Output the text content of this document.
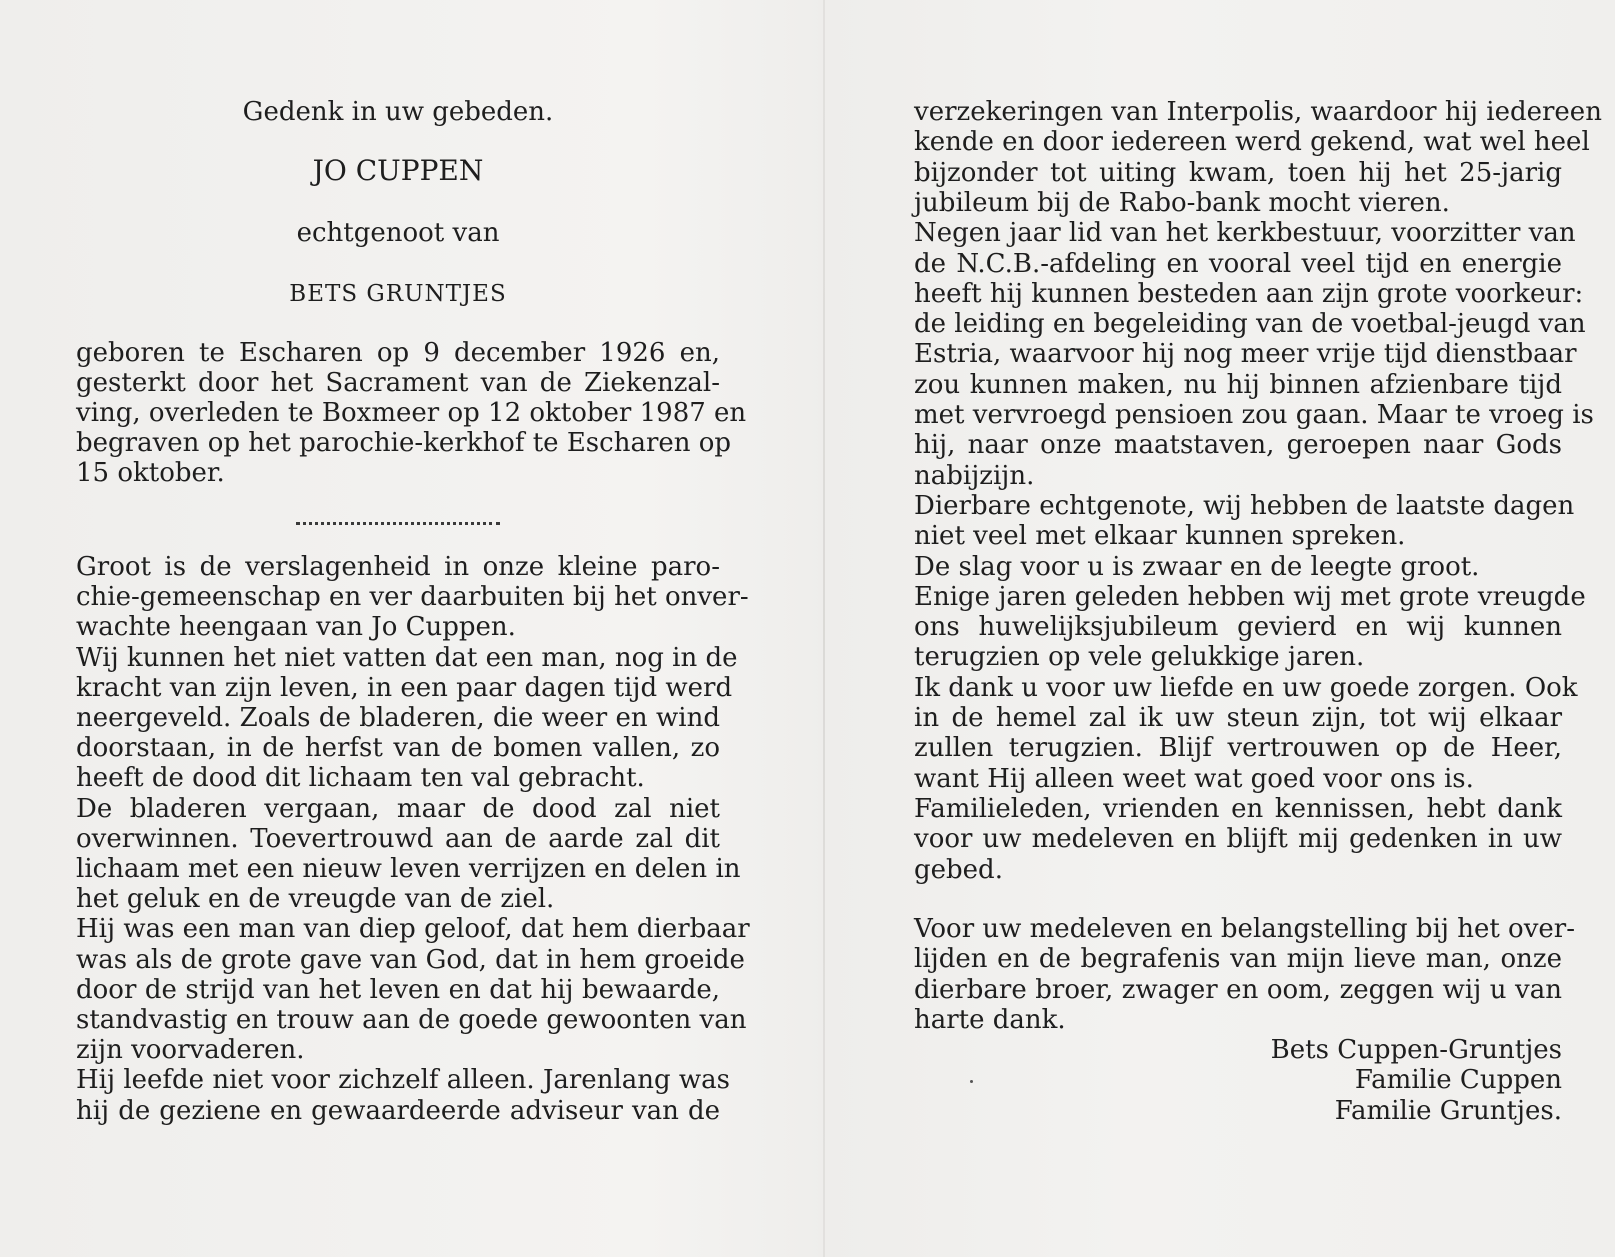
Gedenk in uw gebeden.
JO CUPPEN
echtgenoot van
BETS GRUNTJES
geboren te Escharen op 9 december 1926 en,
gesterkt door het Sacrament van de Ziekenzal-
ving, overleden te Boxmeer op 12 oktober 1987 en
begraven op het parochie-kerkhof te Escharen op
15 oktober.
Groot is de verslagenheid in onze kleine paro-
chie-gemeenschap en ver daarbuiten bij het onver-
wachte heengaan van Jo Cuppen.
Wij kunnen het niet vatten dat een man, nog in de
kracht van zijn leven, in een paar dagen tijd werd
neergeveld. Zoals de bladeren, die weer en wind
doorstaan, in de herfst van de bomen vallen, zo
heeft de dood dit lichaam ten val gebracht.
De bladeren vergaan, maar de dood zal niet
overwinnen. Toevertrouwd aan de aarde zal dit
lichaam met een nieuw leven verrijzen en delen in
het geluk en de vreugde van de ziel.
Hij was een man van diep geloof, dat hem dierbaar
was als de grote gave van God, dat in hem groeide
door de strijd van het leven en dat hij bewaarde,
standvastig en trouw aan de goede gewoonten van
zijn voorvaderen.
Hij leefde niet voor zichzelf alleen. Jarenlang was
hij de geziene en gewaardeerde adviseur van de
verzekeringen van Interpolis, waardoor hij iedereen
kende en door iedereen werd gekend, wat wel heel
bijzonder tot uiting kwam, toen hij het 25-jarig
jubileum bij de Rabo-bank mocht vieren.
Negen jaar lid van het kerkbestuur, voorzitter van
de N.C.B.-afdeling en vooral veel tijd en energie
heeft hij kunnen besteden aan zijn grote voorkeur:
de leiding en begeleiding van de voetbal-jeugd van
Estria, waarvoor hij nog meer vrije tijd dienstbaar
zou kunnen maken, nu hij binnen afzienbare tijd
met vervroegd pensioen zou gaan. Maar te vroeg is
hij, naar onze maatstaven, geroepen naar Gods
nabijzijn.
Dierbare echtgenote, wij hebben de laatste dagen
niet veel met elkaar kunnen spreken.
De slag voor u is zwaar en de leegte groot.
Enige jaren geleden hebben wij met grote vreugde
ons huwelijksjubileum gevierd en wij kunnen
terugzien op vele gelukkige jaren.
Ik dank u voor uw liefde en uw goede zorgen. Ook
in de hemel zal ik uw steun zijn, tot wij elkaar
zullen terugzien. Blijf vertrouwen op de Heer,
want Hij alleen weet wat goed voor ons is.
Familieleden, vrienden en kennissen, hebt dank
voor uw medeleven en blijft mij gedenken in uw
gebed.
Voor uw medeleven en belangstelling bij het over-
lijden en de begrafenis van mijn lieve man, onze
dierbare broer, zwager en oom, zeggen wij u van
harte dank.
Bets Cuppen-Gruntjes
Familie Cuppen
Familie Gruntjes.
